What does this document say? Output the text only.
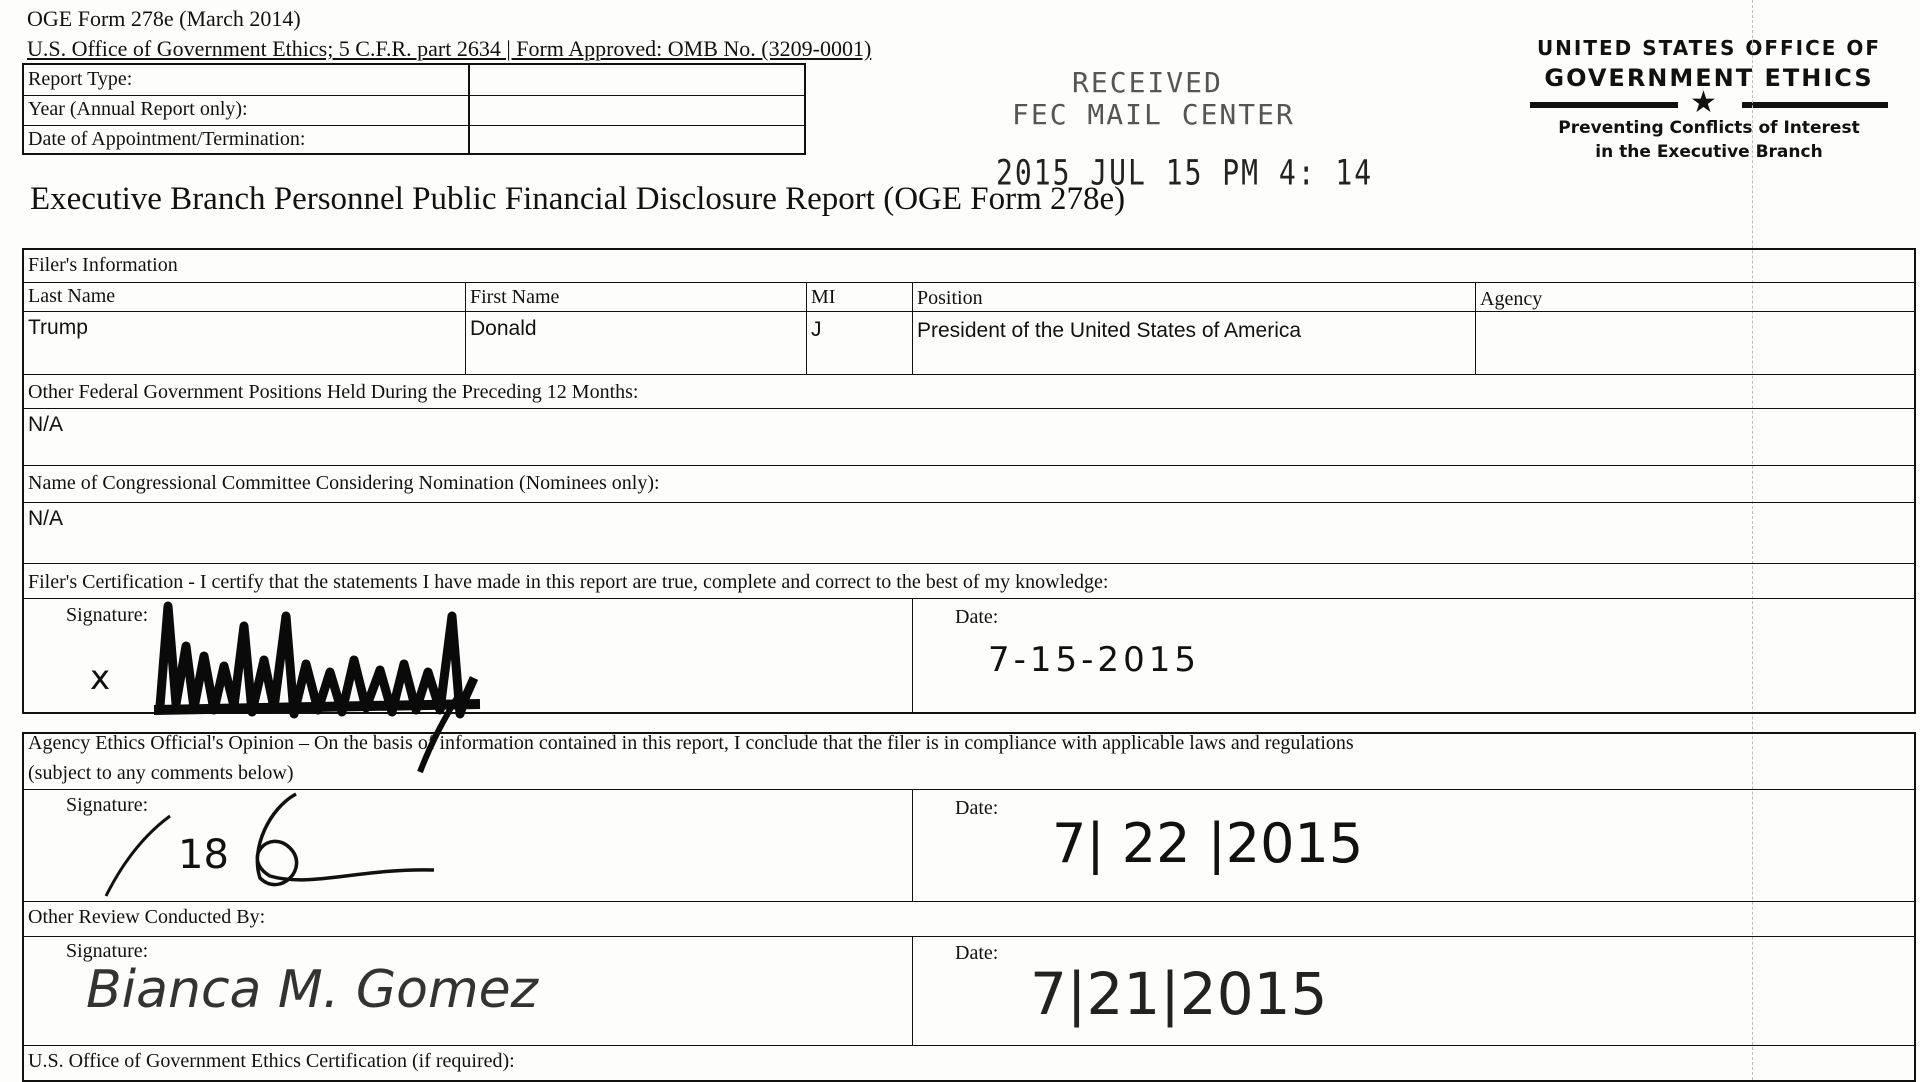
OGE Form 278e (March 2014)
U.S. Office of Government Ethics; 5 C.F.R. part 2634 | Form Approved: OMB No. (3209-0001)
Report Type:
Year (Annual Report only):
Date of Appointment/Termination:
RECEIVED
FEC MAIL CENTER
2015 JUL 15 PM 4: 14
UNITED STATES OFFICE OF
GOVERNMENT ETHICS
★
Preventing Conflicts of Interest
in the Executive Branch
Executive Branch Personnel Public Financial Disclosure Report (OGE Form 278e)
Filer's Information
Last Name	First Name	MI	Position	Agency
Trump	Donald	J	President of the United States of America
Other Federal Government Positions Held During the Preceding 12 Months:
N/A
Name of Congressional Committee Considering Nomination (Nominees only):
N/A
Filer's Certification - I certify that the statements I have made in this report are true, complete and correct to the best of my knowledge:
Signature:
x
Date:
7-15-2015
Agency Ethics Official's Opinion – On the basis of information contained in this report, I conclude that the filer is in compliance with applicable laws and regulations
(subject to any comments below)
Signature:
18
Date:
7| 22 |2015
Other Review Conducted By:
Signature:
Bianca M. Gomez
Date:
7|21|2015
U.S. Office of Government Ethics Certification (if required):
